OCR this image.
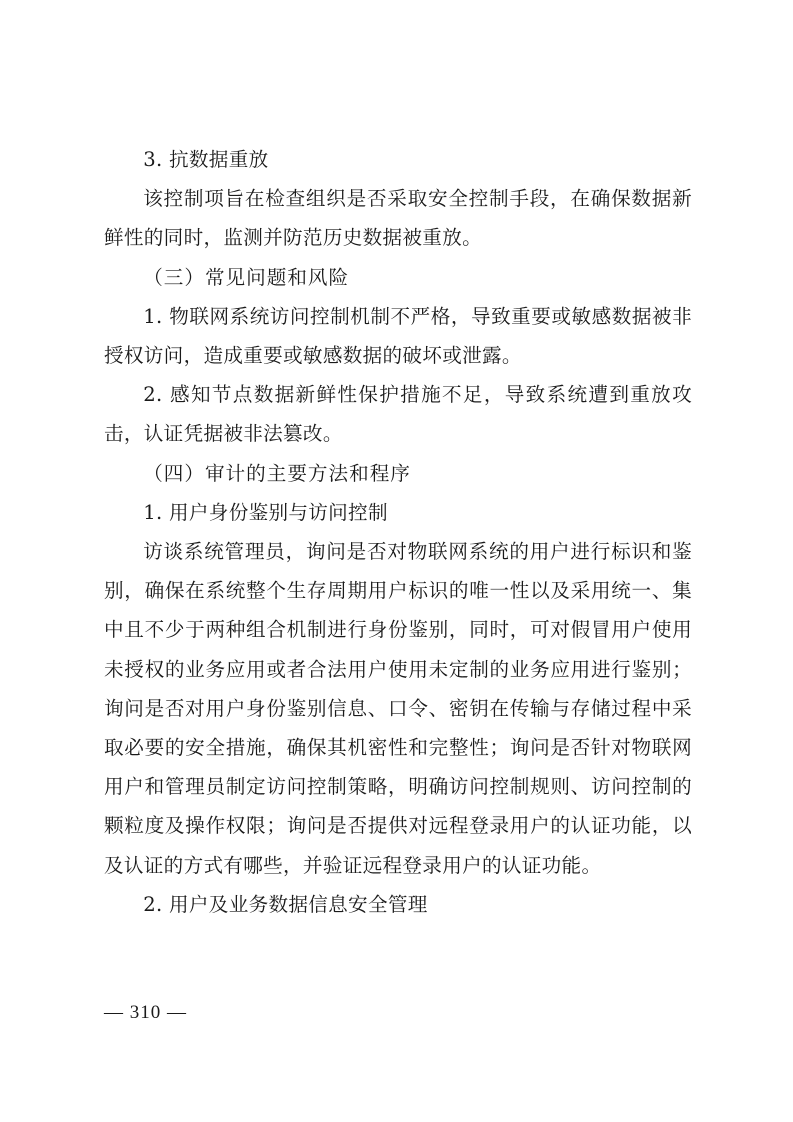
3. 抗数据重放

该控制项旨在检查组织是否采取安全控制手段，在确保数据新鲜性的同时，监测并防范历史数据被重放。

（三）常见问题和风险

1. 物联网系统访问控制机制不严格，导致重要或敏感数据被非授权访问，造成重要或敏感数据的破坏或泄露。

2. 感知节点数据新鲜性保护措施不足，导致系统遭到重放攻击，认证凭据被非法篡改。

（四）审计的主要方法和程序

1. 用户身份鉴别与访问控制

访谈系统管理员，询问是否对物联网系统的用户进行标识和鉴别，确保在系统整个生存周期用户标识的唯一性以及采用统一、集中且不少于两种组合机制进行身份鉴别，同时，可对假冒用户使用未授权的业务应用或者合法用户使用未定制的业务应用进行鉴别；询问是否对用户身份鉴别信息、口令、密钥在传输与存储过程中采取必要的安全措施，确保其机密性和完整性；询问是否针对物联网用户和管理员制定访问控制策略，明确访问控制规则、访问控制的颗粒度及操作权限；询问是否提供对远程登录用户的认证功能，以及认证的方式有哪些，并验证远程登录用户的认证功能。

2. 用户及业务数据信息安全管理

— 310 —
